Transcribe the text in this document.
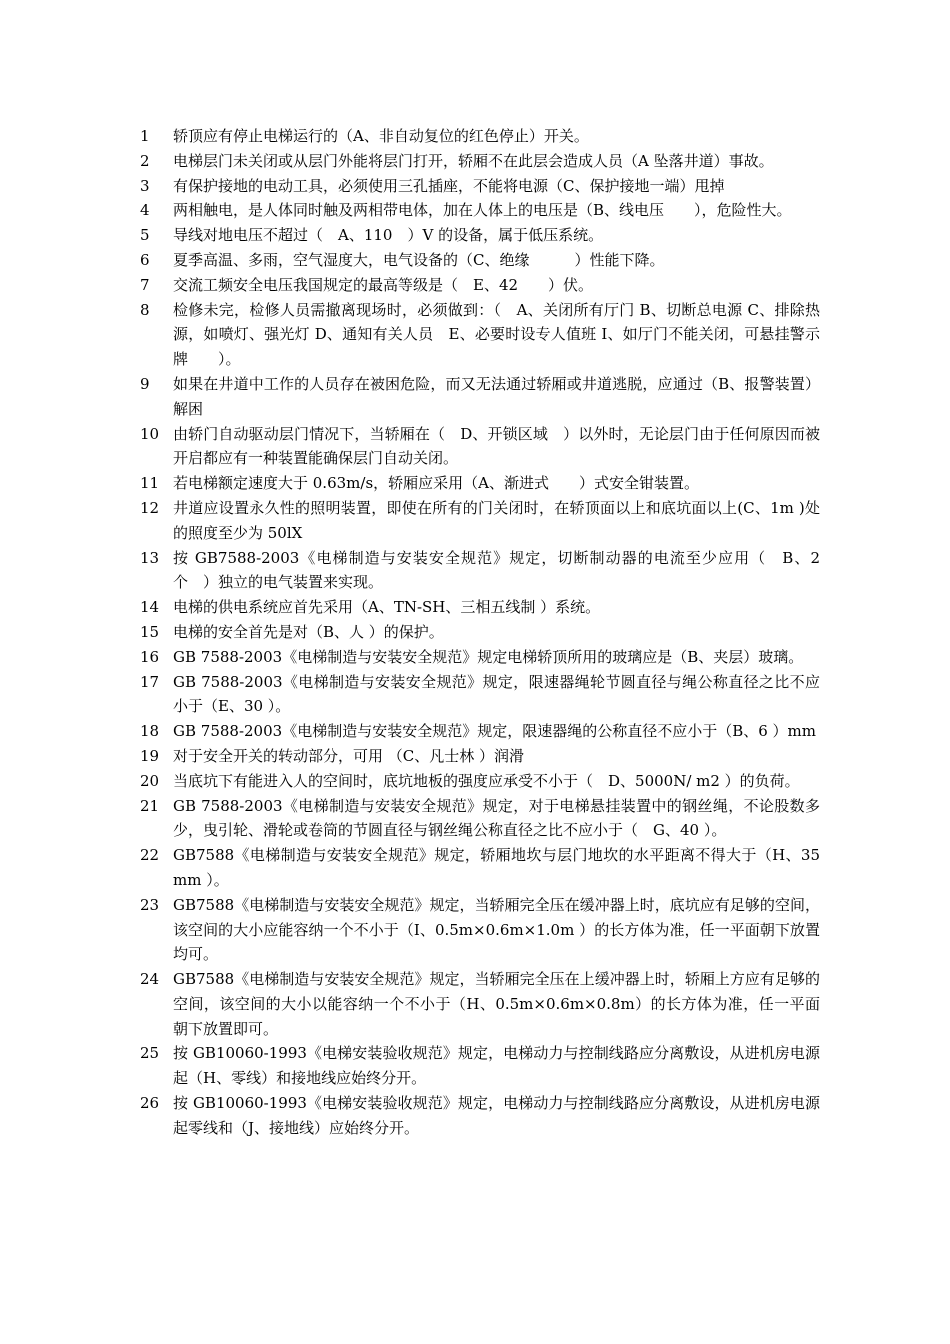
1	轿顶应有停止电梯运行的（A、非自动复位的红色停止）开关。
2	电梯层门未关闭或从层门外能将层门打开，轿厢不在此层会造成人员（A 坠落井道）事故。
3	有保护接地的电动工具，必须使用三孔插座，不能将电源（C、保护接地一端）甩掉
4	两相触电，是人体同时触及两相带电体，加在人体上的电压是（B、线电压　　），危险性大。
5	导线对地电压不超过（　A、110　）V 的设备，属于低压系统。
6	夏季高温、多雨，空气湿度大，电气设备的（C、绝缘　　　）性能下降。
7	交流工频安全电压我国规定的最高等级是（　E、42　　）伏。
8	检修未完，检修人员需撤离现场时，必须做到：（　A、关闭所有厅门 B、切断总电源 C、排除热源，如喷灯、强光灯 D、通知有关人员　E、必要时设专人值班 I、如厅门不能关闭，可悬挂警示牌　　）。
9	如果在井道中工作的人员存在被困危险，而又无法通过轿厢或井道逃脱，应通过（B、报警装置）解困
10 由轿门自动驱动层门情况下，当轿厢在（　D、开锁区域　）以外时，无论层门由于任何原因而被开启都应有一种装置能确保层门自动关闭。
11 若电梯额定速度大于 0.63m/s，轿厢应采用（A、渐进式　　）式安全钳装置。
12 井道应设置永久性的照明装置，即使在所有的门关闭时，在轿顶面以上和底坑面以上(C、1m )处的照度至少为 50lX
13 按 GB7588-2003《电梯制造与安装安全规范》规定，切断制动器的电流至少应用（　B、2 个　）独立的电气装置来实现。
14 电梯的供电系统应首先采用（A、TN-SH、三相五线制 ）系统。
15 电梯的安全首先是对（B、人 ）的保护。
16 GB 7588-2003《电梯制造与安装安全规范》规定电梯轿顶所用的玻璃应是（B、夹层）玻璃。
17 GB 7588-2003《电梯制造与安装安全规范》规定，限速器绳轮节圆直径与绳公称直径之比不应小于（E、30 ）。
18 GB 7588-2003《电梯制造与安装安全规范》规定，限速器绳的公称直径不应小于（B、6 ）mm
19 对于安全开关的转动部分，可用 （C、凡士林 ）润滑
20 当底坑下有能进入人的空间时，底坑地板的强度应承受不小于（　D、5000N/ m2 ）的负荷。
21 GB 7588-2003《电梯制造与安装安全规范》规定，对于电梯悬挂装置中的钢丝绳，不论股数多少，曳引轮、滑轮或卷筒的节圆直径与钢丝绳公称直径之比不应小于（　G、40 ）。
22 GB7588《电梯制造与安装安全规范》规定，轿厢地坎与层门地坎的水平距离不得大于（H、35mm ）。
23 GB7588《电梯制造与安装安全规范》规定，当轿厢完全压在缓冲器上时，底坑应有足够的空间，该空间的大小应能容纳一个不小于（I、0.5m×0.6m×1.0m ）的长方体为准，任一平面朝下放置均可。
24 GB7588《电梯制造与安装安全规范》规定，当轿厢完全压在上缓冲器上时，轿厢上方应有足够的空间，该空间的大小以能容纳一个不小于（H、0.5m×0.6m×0.8m）的长方体为准，任一平面朝下放置即可。
25 按 GB10060-1993《电梯安装验收规范》规定，电梯动力与控制线路应分离敷设，从进机房电源起（H、零线）和接地线应始终分开。
26 按 GB10060-1993《电梯安装验收规范》规定，电梯动力与控制线路应分离敷设，从进机房电源起零线和（J、接地线）应始终分开。
